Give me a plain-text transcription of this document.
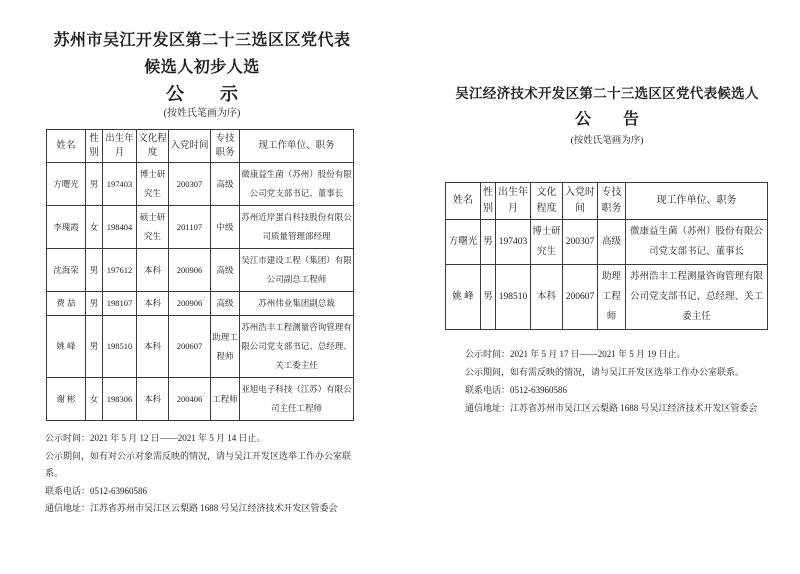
苏州市吴江开发区第二十三选区区党代表
候选人初步人选
公　　示
(按姓氏笔画为序)
姓名	性别	出生年月	文化程度	入党时间	专技职务	现工作单位、职务
方曙光	男	197403	博士研究生	200307	高级	微康益生菌（苏州）股份有限公司党支部书记、董事长
李瑰霞	女	198404	硕士研究生	201107	中级	苏州近岸蛋白科技股份有限公司质量管理部经理
沈海荣	男	197612	本科	200906	高级	吴江市建设工程（集团）有限公司副总工程师
费 喆	男	198107	本科	200906	高级	苏州伟业集团副总裁
姚 峰	男	198510	本科	200607	助理工程师	苏州浩丰工程测量咨询管理有限公司党支部书记、总经理、关工委主任
谢 彬	女	198306	本科	200406	工程师	亚旭电子科技（江苏）有限公司主任工程师
公示时间：2021 年 5 月 12 日——2021 年 5 月 14 日止。
公示期间，如有对公示对象需反映的情况，请与吴江开发区选举工作办公室联系。
联系电话：0512-63960586
通信地址：江苏省苏州市吴江区云梨路 1688 号吴江经济技术开发区管委会
吴江经济技术开发区第二十三选区区党代表候选人
公　　告
(按姓氏笔画为序)
姓名	性别	出生年月	文化程度	入党时间	专技职务	现工作单位、职务
方曙光	男	197403	博士研究生	200307	高级	微康益生菌（苏州）股份有限公司党支部书记、董事长
姚 峰	男	198510	本科	200607	助理工程师	苏州浩丰工程测量咨询管理有限公司党支部书记、总经理、关工委主任
公示时间：2021 年 5 月 17 日——2021 年 5 月 19 日止。
公示期间，如有需反映的情况，请与吴江开发区选举工作办公室联系。
联系电话：0512-63960586
通信地址：江苏省苏州市吴江区云梨路 1688 号吴江经济技术开发区管委会
